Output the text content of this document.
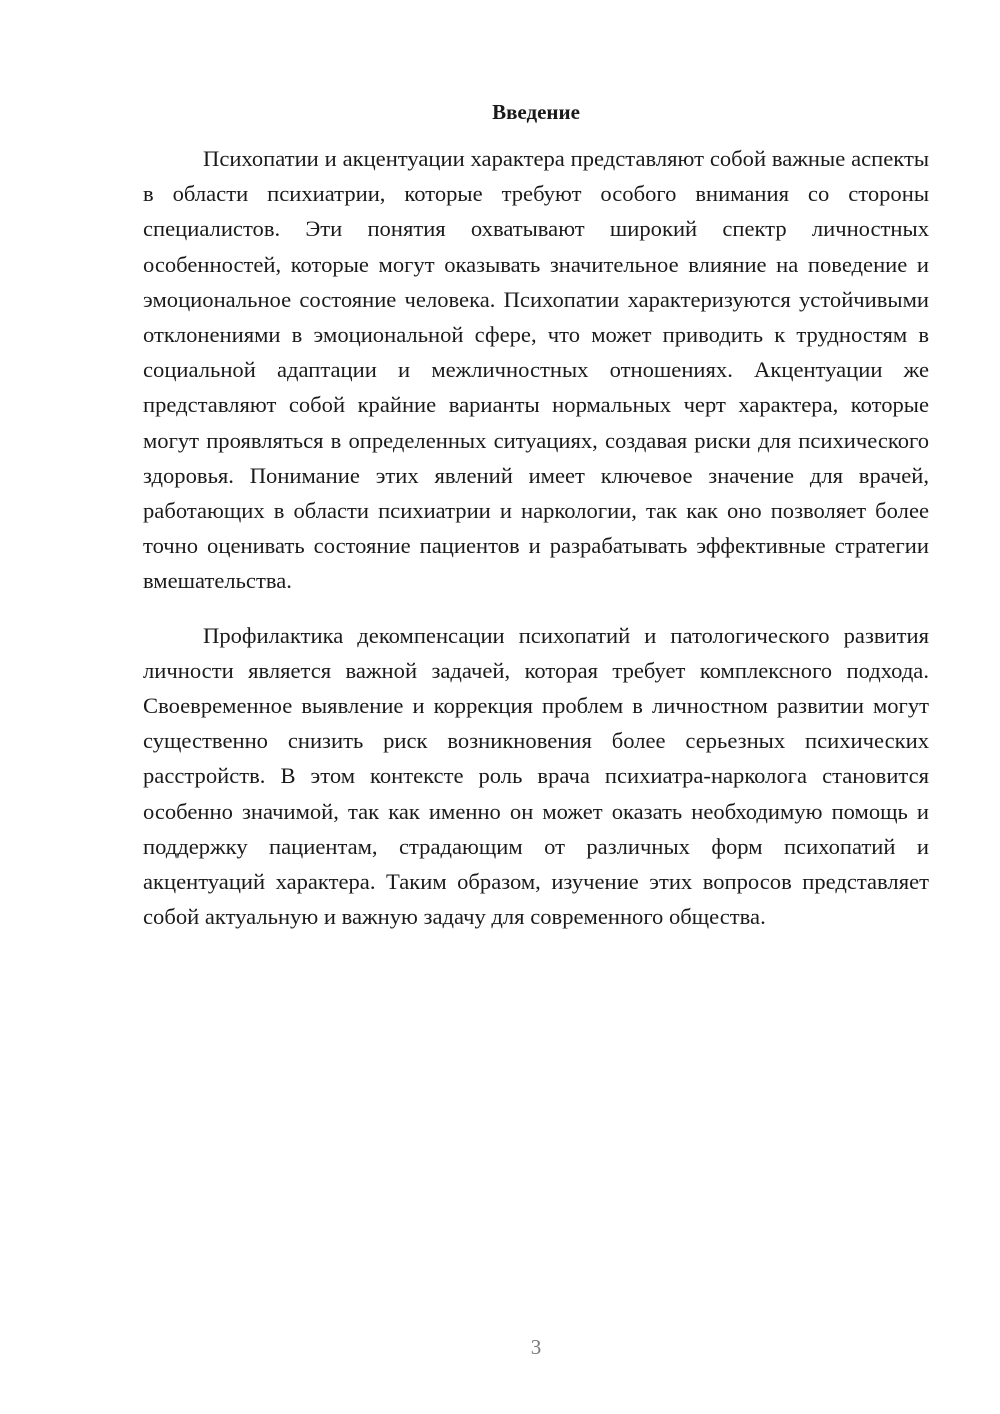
Введение

Психопатии и акцентуации характера представляют собой важные аспекты в области психиатрии, которые требуют особого внимания со стороны специалистов. Эти понятия охватывают широкий спектр личностных особенностей, которые могут оказывать значительное влияние на поведение и эмоциональное состояние человека. Психопатии характеризуются устойчивыми отклонениями в эмоциональной сфере, что может приводить к трудностям в социальной адаптации и межличностных отношениях. Акцентуации же представляют собой крайние варианты нормальных черт характера, которые могут проявляться в определенных ситуациях, создавая риски для психического здоровья. Понимание этих явлений имеет ключевое значение для врачей, работающих в области психиатрии и наркологии, так как оно позволяет более точно оценивать состояние пациентов и разрабатывать эффективные стратегии вмешательства.

Профилактика декомпенсации психопатий и патологического развития личности является важной задачей, которая требует комплексного подхода. Своевременное выявление и коррекция проблем в личностном развитии могут существенно снизить риск возникновения более серьезных психических расстройств. В этом контексте роль врача психиатра-нарколога становится особенно значимой, так как именно он может оказать необходимую помощь и поддержку пациентам, страдающим от различных форм психопатий и акцентуаций характера. Таким образом, изучение этих вопросов представляет собой актуальную и важную задачу для современного общества.

3
